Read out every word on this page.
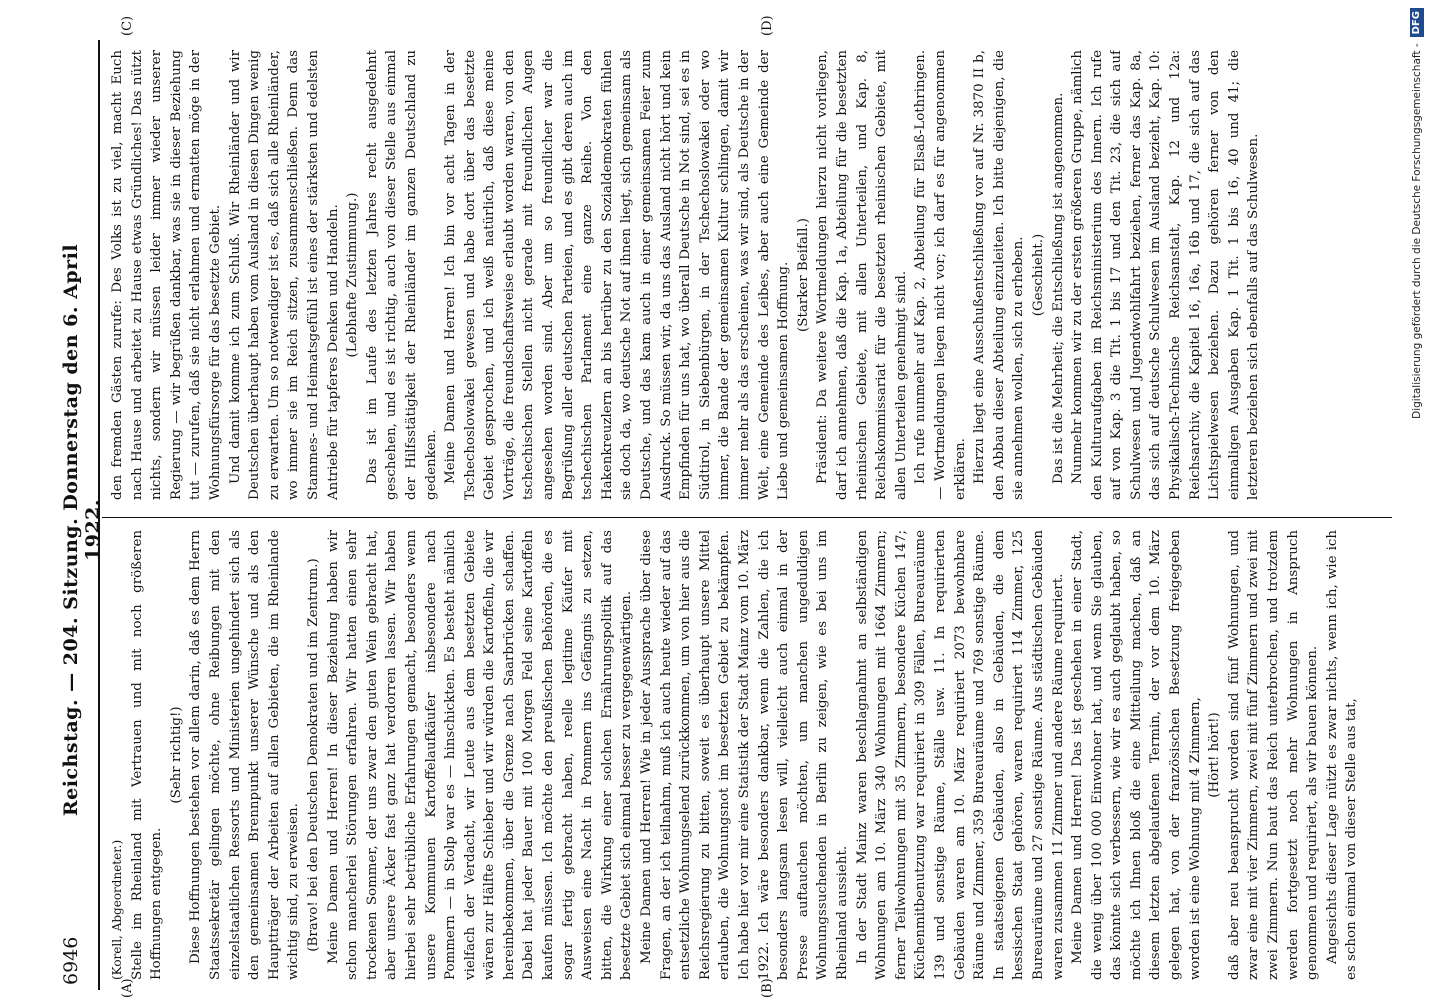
6946
Reichstag. — 204. Sitzung. Donnerstag den 6. April 1922.
(A)	(B)
(C)	(D)

(Korell, Abgeordneter.) Stelle im Rheinland mit Vertrauen und mit noch größeren Hoffnungen entgegen.

(Sehr richtig!) Diese Hoffnungen bestehen vor allem darin, daß es dem Herrn Staatssekretär gelingen möchte, ohne Reibungen mit den einzelstaatlichen Ressorts und Ministerien ungehindert sich als den gemeinsamen Brennpunkt unserer Wünsche und als den Hauptträger der Arbeiten auf allen Gebieten, die im Rheinlande wichtig sind, zu erweisen. (Bravo! bei den Deutschen Demokraten und im Zentrum.) Meine Damen und Herren! In dieser Beziehung haben wir schon mancherlei Störungen erfahren. Wir hatten einen sehr trockenen Sommer, der uns zwar den guten Wein gebracht hat, aber unsere Äcker fast ganz hat verdorren lassen. Wir haben hierbei sehr betrübliche Erfahrungen gemacht, besonders wenn unsere Kommunen Kartoffelaufkäufer insbesondere nach Pommern — in Stolp war es — hinschickten. Es besteht nämlich vielfach der Verdacht, wir Leute aus dem besetzten Gebiete wären zur Hälfte Schieber und wir würden die Kartoffeln, die wir hereinbekommen, über die Grenze nach Saarbrücken schaffen. Dabei hat jeder Bauer mit 100 Morgen Feld seine Kartoffeln kaufen müssen. Ich möchte den preußischen Behörden, die es sogar fertig gebracht haben, reelle legitime Käufer mit Ausweisen eine Nacht in Pommern ins Gefängnis zu setzen, bitten, die Wirkung einer solchen Ernährungspolitik auf das besetzte Gebiet sich einmal besser zu vergegenwärtigen. Meine Damen und Herren! Wie in jeder Aussprache über diese Fragen, an der ich teilnahm, muß ich auch heute wieder auf das entsetzliche Wohnungselend zurückkommen, um von hier aus die Reichsregierung zu bitten, soweit es überhaupt unsere Mittel erlauben, die Wohnungsnot im besetzten Gebiet zu bekämpfen. Ich habe hier vor mir eine Statistik der Stadt Mainz vom 10. März 1922. Ich wäre besonders dankbar, wenn die Zahlen, die ich besonders langsam lesen will, vielleicht auch einmal in der Presse auftauchen möchten, um manchen ungeduldigen Wohnungssuchenden in Berlin zu zeigen, wie es bei uns im Rheinland aussieht. In der Stadt Mainz waren beschlagnahmt an selbständigen Wohnungen am 10. März 340 Wohnungen mit 1664 Zimmern; ferner Teilwohnungen mit 35 Zimmern, besondere Küchen 147; Küchenmitbenutzung war requiriert in 309 Fällen, Bureauräume 139 und sonstige Räume, Ställe usw. 11. In requirierten Gebäuden waren am 10. März requiriert 2073 bewohnbare Räume und Zimmer, 359 Bureauräume und 769 sonstige Räume. In staatseigenen Gebäuden, also in Gebäuden, die dem hessischen Staat gehören, waren requiriert 114 Zimmer, 125 Bureauräume und 27 sonstige Räume. Aus städtischen Gebäuden waren zusammen 11 Zimmer und andere Räume requiriert. Meine Damen und Herren! Das ist geschehen in einer Stadt, die wenig über 100 000 Einwohner hat, und wenn Sie glauben, das könnte sich verbessern, wie wir es auch geglaubt haben, so möchte ich Ihnen bloß die eine Mitteilung machen, daß an diesem letzten abgelaufenen Termin, der vor dem 10. März gelegen hat, von der französischen Besetzung freigegeben worden ist eine Wohnung mit 4 Zimmern, (Hört! hört!) daß aber neu beansprucht worden sind fünf Wohnungen, und zwar eine mit vier Zimmern, zwei mit fünf Zimmern und zwei mit zwei Zimmern. Nun baut das Reich unterbrochen, und trotzdem werden fortgesetzt noch mehr Wohnungen in Anspruch genommen und requiriert, als wir bauen können. Angesichts dieser Lage nützt es zwar nichts, wenn ich, wie ich es schon einmal von dieser Stelle aus tat,

den fremden Gästen zurufe: Des Volks ist zu viel, macht Euch nach Hause und arbeitet zu Hause etwas Gründliches! Das nützt nichts, sondern wir müssen leider immer wieder unserer Regierung — wir begrüßen dankbar, was sie in dieser Beziehung tut — zurufen, daß sie nicht erlahmen und ermatten möge in der Wohnungsfürsorge für das besetzte Gebiet. Und damit komme ich zum Schluß. Wir Rheinländer und wir Deutschen überhaupt haben vom Ausland in diesen Dingen wenig zu erwarten. Um so notwendiger ist es, daß sich alle Rheinländer, wo immer sie im Reich sitzen, zusammenschließen. Denn das Stammes- und Heimatsgefühl ist eines der stärksten und edelsten Antriebe für tapferes Denken und Handeln. (Lebhafte Zustimmung.) Das ist im Laufe des letzten Jahres recht ausgedehnt geschehen, und es ist richtig, auch von dieser Stelle aus einmal der Hilfsstätigkeit der Rheinländer im ganzen Deutschland zu gedenken. Meine Damen und Herren! Ich bin vor acht Tagen in der Tschechoslowakei gewesen und habe dort über das besetzte Gebiet gesprochen, und ich weiß natürlich, daß diese meine Vorträge, die freundschaftsweise erlaubt worden waren, von den tschechischen Stellen nicht gerade mit freundlichen Augen angesehen worden sind. Aber um so freundlicher war die Begrüßung aller deutschen Parteien, und es gibt deren auch im tschechischen Parlament eine ganze Reihe. Von den Hakenkreuzlern an bis herüber zu den Sozialdemokraten fühlen sie doch da, wo deutsche Not auf ihnen liegt, sich gemeinsam als Deutsche, und das kam auch in einer gemeinsamen Feier zum Ausdruck. So müssen wir, da uns das Ausland nicht hört und kein Empfinden für uns hat, wo überall Deutsche in Not sind, sei es in Südtirol, in Siebenbürgen, in der Tschechoslowakei oder wo immer, die Bande der gemeinsamen Kultur schlingen, damit wir immer mehr als das erscheinen, was wir sind, als Deutsche in der Welt, eine Gemeinde des Leibes, aber auch eine Gemeinde der Liebe und gemeinsamen Hoffnung. (Starker Beifall.) Präsident: Da weitere Wortmeldungen hierzu nicht vorliegen, darf ich annehmen, daß die Kap. 1a, Abteilung für die besetzten rheinischen Gebiete, mit allen Unterteilen, und Kap. 8, Reichskommissariat für die besetzten rheinischen Gebiete, mit allen Unterteilen genehmigt sind. Ich rufe nunmehr auf Kap. 2, Abteilung für Elsaß-Lothringen. — Wortmeldungen liegen nicht vor; ich darf es für angenommen erklären. Hierzu liegt eine Ausschußentschließung vor auf Nr. 3870 II b, den Abbau dieser Abteilung einzuleiten. Ich bitte diejenigen, die sie annehmen wollen, sich zu erheben. (Geschieht.) Das ist die Mehrheit; die Entschließung ist angenommen. Nunmehr kommen wir zu der ersten größeren Gruppe, nämlich den Kulturaufgaben im Reichsministerium des Innern. Ich rufe auf von Kap. 3 die Tit. 1 bis 17 und den Tit. 23, die sich auf Schulwesen und Jugendwohlfahrt beziehen, ferner das Kap. 8a, das sich auf deutsche Schulwesen im Ausland bezieht, Kap. 10: Physikalisch-Technische Reichsanstalt, Kap. 12 und 12a: Reichsarchiv, die Kapitel 16, 16a, 16b und 17, die sich auf das Lichtspielwesen beziehen. Dazu gehören ferner von den einmaligen Ausgaben Kap. 1 Tit. 1 bis 16, 40 und 41; die letzteren beziehen sich ebenfalls auf das Schulwesen.	Digitalisierung gefördert durch die Deutsche Forschungsgemeinschaft -DFG
